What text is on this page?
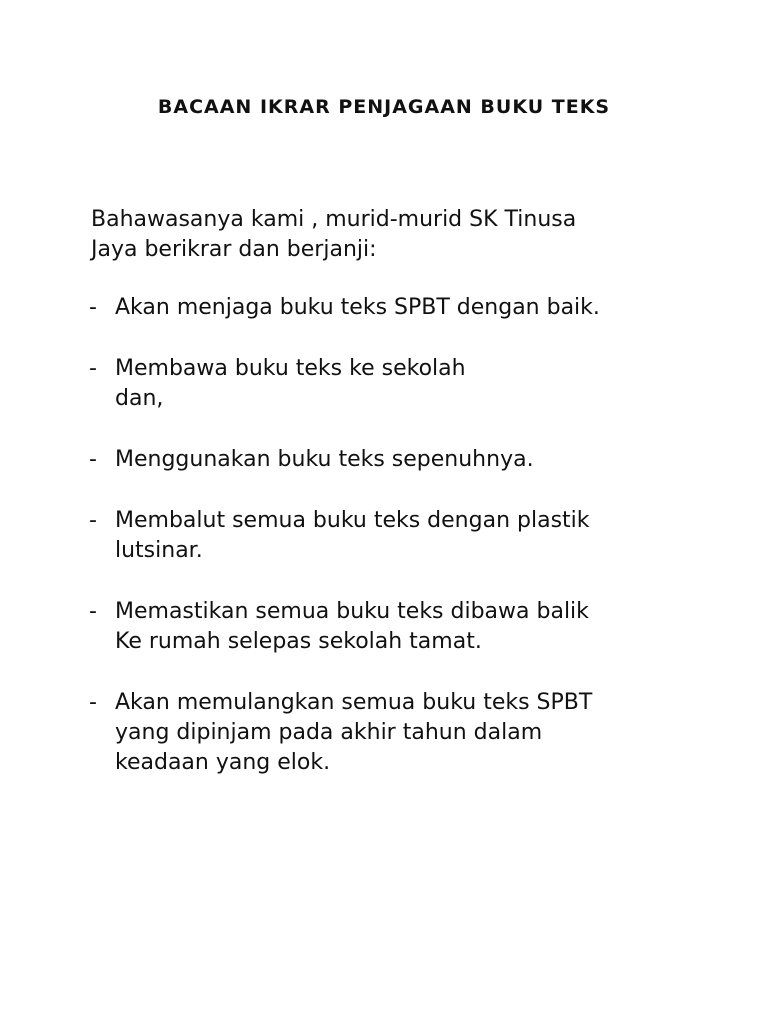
BACAAN IKRAR PENJAGAAN BUKU TEKS
Bahawasanya kami , murid-murid SK Tinusa
Jaya berikrar dan berjanji:
- Akan menjaga buku teks SPBT dengan baik.
- Membawa buku teks ke sekolah
dan,
- Menggunakan buku teks sepenuhnya.
- Membalut semua buku teks dengan plastik
lutsinar.
- Memastikan semua buku teks dibawa balik
Ke rumah selepas sekolah tamat.
- Akan memulangkan semua buku teks SPBT
yang dipinjam pada akhir tahun dalam
keadaan yang elok.
